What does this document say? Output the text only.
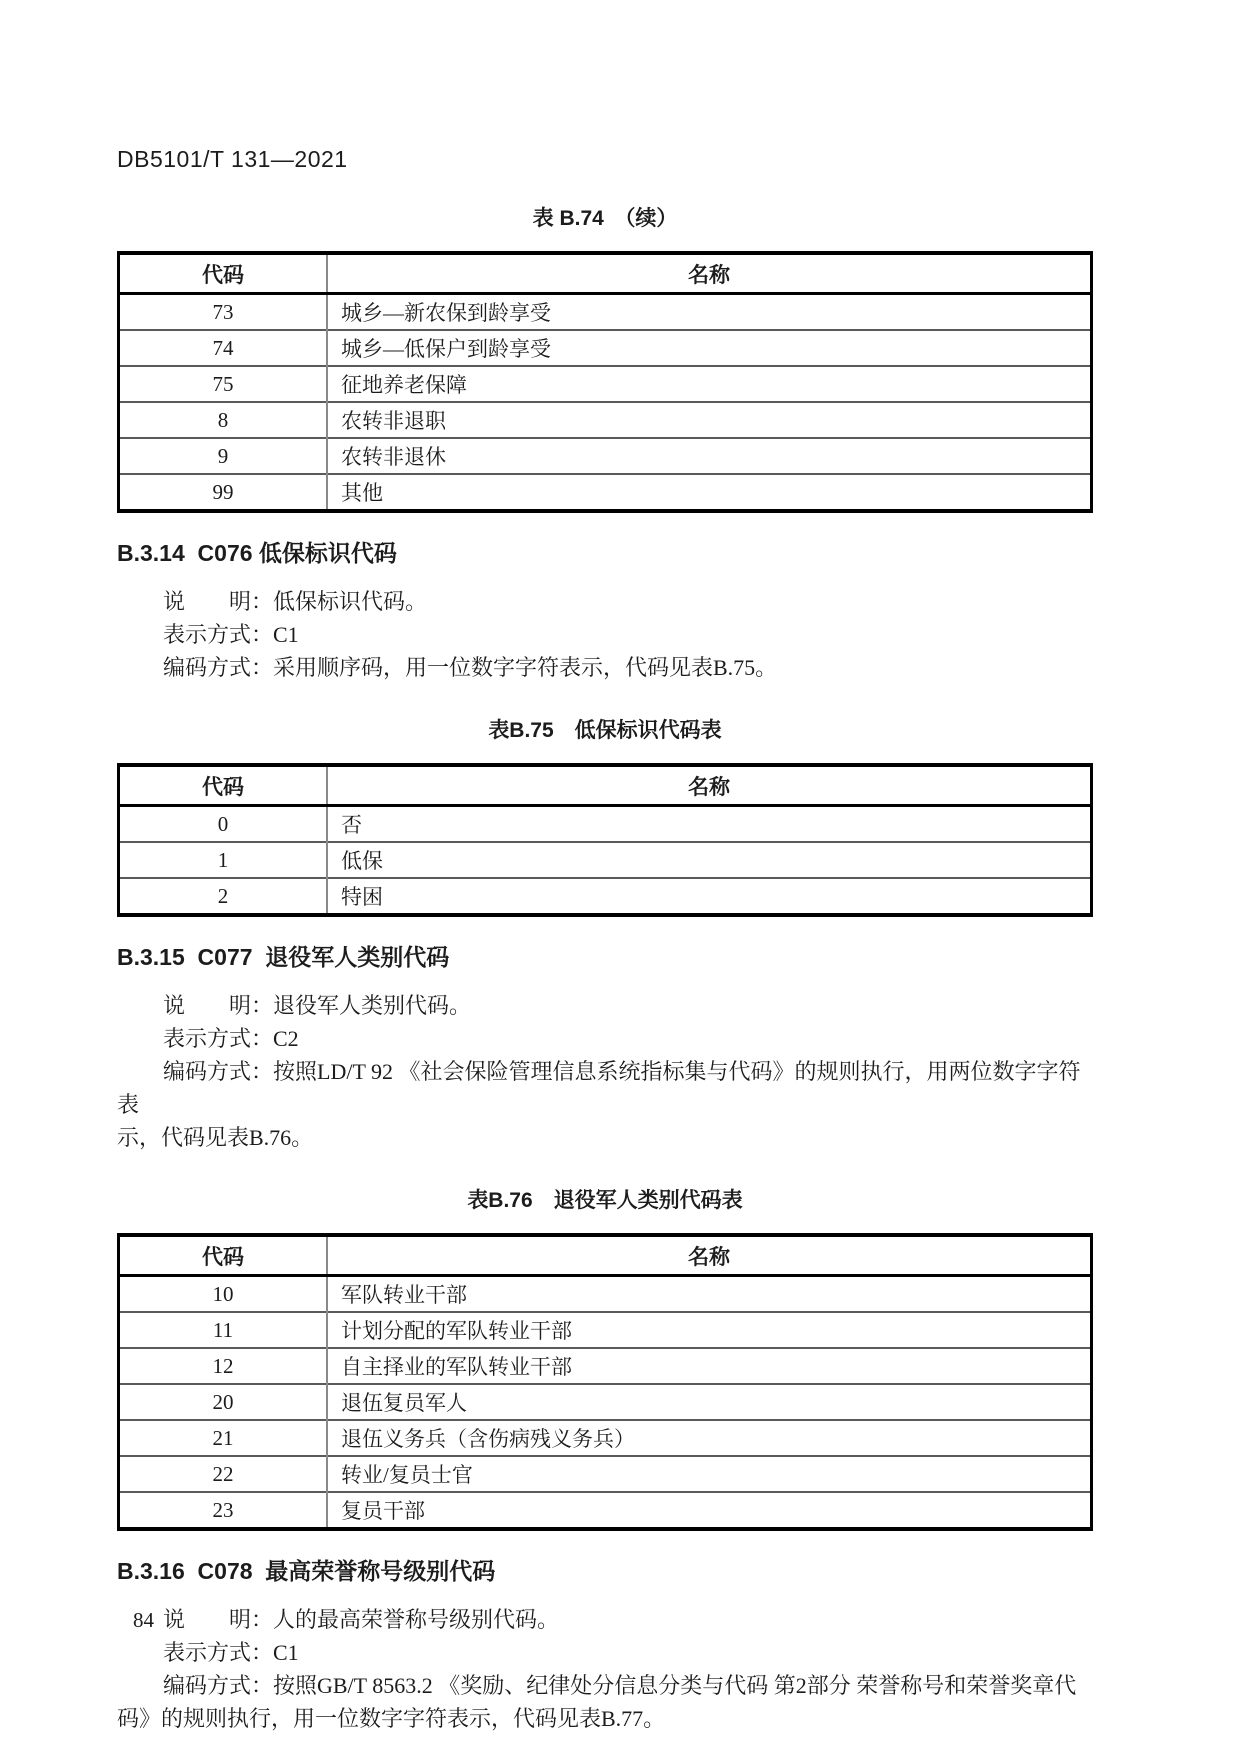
DB5101/T 131—2021
表 B.74　（续）
代码	名称
73	城乡—新农保到龄享受
74	城乡—低保户到龄享受
75	征地养老保障
8	农转非退职
9	农转非退休
99	其他
B.3.14  C076 低保标识代码

说　　明：低保标识代码。

表示方式：C1

编码方式：采用顺序码，用一位数字字符表示，代码见表B.75。

表B.75　低保标识代码表
代码	名称
0	否
1	低保
2	特困
B.3.15  C077  退役军人类别代码

说　　明：退役军人类别代码。

表示方式：C2

编码方式：按照LD/T 92 《社会保险管理信息系统指标集与代码》的规则执行，用两位数字字符表

示，代码见表B.76。

表B.76　退役军人类别代码表
代码	名称
10	军队转业干部
11	计划分配的军队转业干部
12	自主择业的军队转业干部
20	退伍复员军人
21	退伍义务兵（含伤病残义务兵）
22	转业/复员士官
23	复员干部
B.3.16  C078  最高荣誉称号级别代码

说　　明：人的最高荣誉称号级别代码。

表示方式：C1

编码方式：按照GB/T 8563.2 《奖励、纪律处分信息分类与代码 第2部分 荣誉称号和荣誉奖章代

码》的规则执行，用一位数字字符表示，代码见表B.77。

84
